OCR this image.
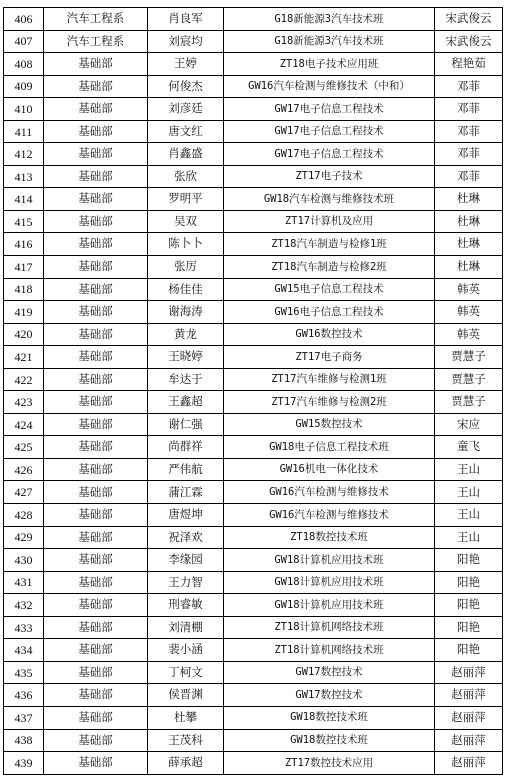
406	汽车工程系	肖良军	G18新能源3汽车技术班	宋武俊云
407	汽车工程系	刘宸均	G18新能源3汽车技术班	宋武俊云
408	基础部	王婷	ZT18电子技术应用班	程艳茹
409	基础部	何俊杰	GW16汽车检测与维修技术（中和）	邓菲
410	基础部	刘彦廷	GW17电子信息工程技术	邓菲
411	基础部	唐文红	GW17电子信息工程技术	邓菲
412	基础部	肖鑫盛	GW17电子信息工程技术	邓菲
413	基础部	张欣	ZT17电子技术	邓菲
414	基础部	罗明平	GW18汽车检测与维修技术班	杜琳
415	基础部	吴双	ZT17计算机及应用	杜琳
416	基础部	陈卜卜	ZT18汽车制造与检修1班	杜琳
417	基础部	张厉	ZT18汽车制造与检修2班	杜琳
418	基础部	杨佳佳	GW15电子信息工程技术	韩英
419	基础部	谢海涛	GW16电子信息工程技术	韩英
420	基础部	黄龙	GW16数控技术	韩英
421	基础部	王晓婷	ZT17电子商务	贾慧子
422	基础部	牟达于	ZT17汽车维修与检测1班	贾慧子
423	基础部	王鑫超	ZT17汽车维修与检测2班	贾慧子
424	基础部	谢仁强	GW15数控技术	宋应
425	基础部	尚群祥	GW18电子信息工程技术班	童飞
426	基础部	严伟航	GW16机电一体化技术	王山
427	基础部	蒲江霖	GW16汽车检测与维修技术	王山
428	基础部	唐煜坤	GW16汽车检测与维修技术	王山
429	基础部	祝泽欢	ZT18数控技术班	王山
430	基础部	李缘园	GW18计算机应用技术班	阳艳
431	基础部	王力智	GW18计算机应用技术班	阳艳
432	基础部	刑睿敏	GW18计算机应用技术班	阳艳
433	基础部	刘清棚	ZT18计算机网络技术班	阳艳
434	基础部	裴小涵	ZT18计算机网络技术班	阳艳
435	基础部	丁柯文	GW17数控技术	赵丽萍
436	基础部	侯晋渊	GW17数控技术	赵丽萍
437	基础部	杜攀	GW18数控技术班	赵丽萍
438	基础部	王茂科	GW18数控技术班	赵丽萍
439	基础部	薛承超	ZT17数控技术应用	赵丽萍
